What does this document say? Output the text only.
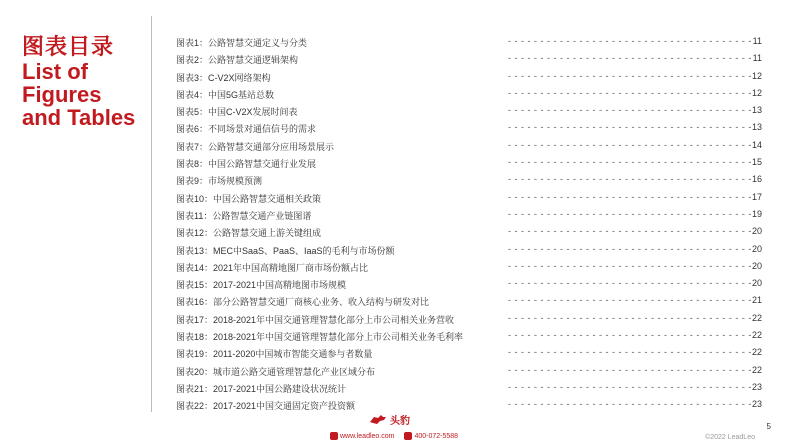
图表目录
List of
Figures
and Tables
图表1：公路智慧交通定义与分类	- - - - - - - - - - - - - - - - - - - - - - - - - - - - - - - - - - - - - - 11
图表2：公路智慧交通逻辑架构	- - - - - - - - - - - - - - - - - - - - - - - - - - - - - - - - - - - - - - 11
图表3：C-V2X网络架构	- - - - - - - - - - - - - - - - - - - - - - - - - - - - - - - - - - - - - - 12
图表4：中国5G基站总数	- - - - - - - - - - - - - - - - - - - - - - - - - - - - - - - - - - - - - - 12
图表5：中国C-V2X发展时间表	- - - - - - - - - - - - - - - - - - - - - - - - - - - - - - - - - - - - - - 13
图表6：不同场景对通信信号的需求	- - - - - - - - - - - - - - - - - - - - - - - - - - - - - - - - - - - - - - 13
图表7：公路智慧交通部分应用场景展示	- - - - - - - - - - - - - - - - - - - - - - - - - - - - - - - - - - - - - - 14
图表8：中国公路智慧交通行业发展	- - - - - - - - - - - - - - - - - - - - - - - - - - - - - - - - - - - - - - 15
图表9：市场规模预测	- - - - - - - - - - - - - - - - - - - - - - - - - - - - - - - - - - - - - - 16
图表10：中国公路智慧交通相关政策	- - - - - - - - - - - - - - - - - - - - - - - - - - - - - - - - - - - - - - 17
图表11：公路智慧交通产业链图谱	- - - - - - - - - - - - - - - - - - - - - - - - - - - - - - - - - - - - - - 19
图表12：公路智慧交通上游关键组成	- - - - - - - - - - - - - - - - - - - - - - - - - - - - - - - - - - - - - - 20
图表13：MEC中SaaS、PaaS、IaaS的毛利与市场份额	- - - - - - - - - - - - - - - - - - - - - - - - - - - - - - - - - - - - - - 20
图表14：2021年中国高精地图厂商市场份额占比	- - - - - - - - - - - - - - - - - - - - - - - - - - - - - - - - - - - - - - 20
图表15：2017-2021中国高精地图市场规模	- - - - - - - - - - - - - - - - - - - - - - - - - - - - - - - - - - - - - - 20
图表16：部分公路智慧交通厂商核心业务、收入结构与研发对比	- - - - - - - - - - - - - - - - - - - - - - - - - - - - - - - - - - - - - - 21
图表17：2018-2021年中国交通管理智慧化部分上市公司相关业务营收	- - - - - - - - - - - - - - - - - - - - - - - - - - - - - - - - - - - - - - 22
图表18：2018-2021年中国交通管理智慧化部分上市公司相关业务毛利率	- - - - - - - - - - - - - - - - - - - - - - - - - - - - - - - - - - - - - - 22
图表19：2011-2020中国城市智能交通参与者数量	- - - - - - - - - - - - - - - - - - - - - - - - - - - - - - - - - - - - - - 22
图表20：城市道公路交通管理智慧化产业区域分布	- - - - - - - - - - - - - - - - - - - - - - - - - - - - - - - - - - - - - - 22
图表21：2017-2021中国公路建设状况统计	- - - - - - - - - - - - - - - - - - - - - - - - - - - - - - - - - - - - - - 23
图表22：2017-2021中国交通固定资产投资额	- - - - - - - - - - - - - - - - - - - - - - - - - - - - - - - - - - - - - - 23
头豹
www.leadleo.com	400-072-5588	©2022 LeadLeo
5
